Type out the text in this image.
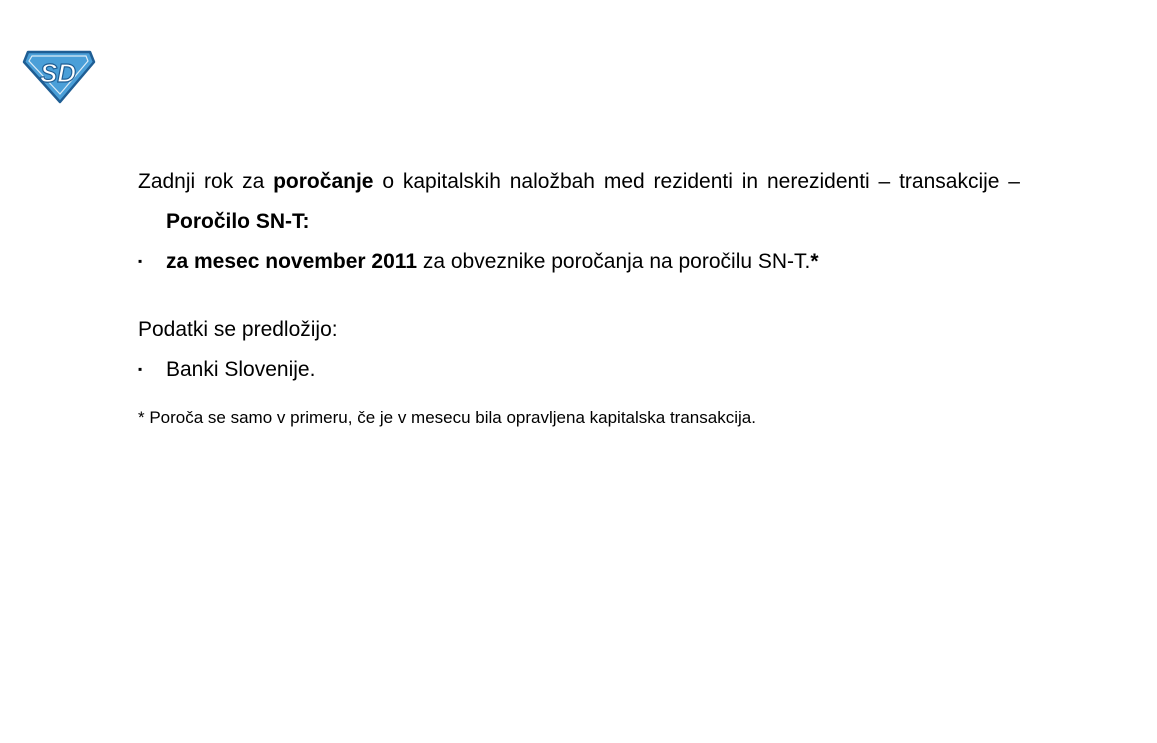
SD

Zadnji rok za poročanje o kapitalskih naložbah med rezidenti in nerezidenti – transakcije – Poročilo SN-T:

▪	za mesec november 2011 za obveznike poročanja na poročilu SN-T.*

Podatki se predložijo:

▪	Banki Slovenije.

* Poroča se samo v primeru, če je v mesecu bila opravljena kapitalska transakcija.
